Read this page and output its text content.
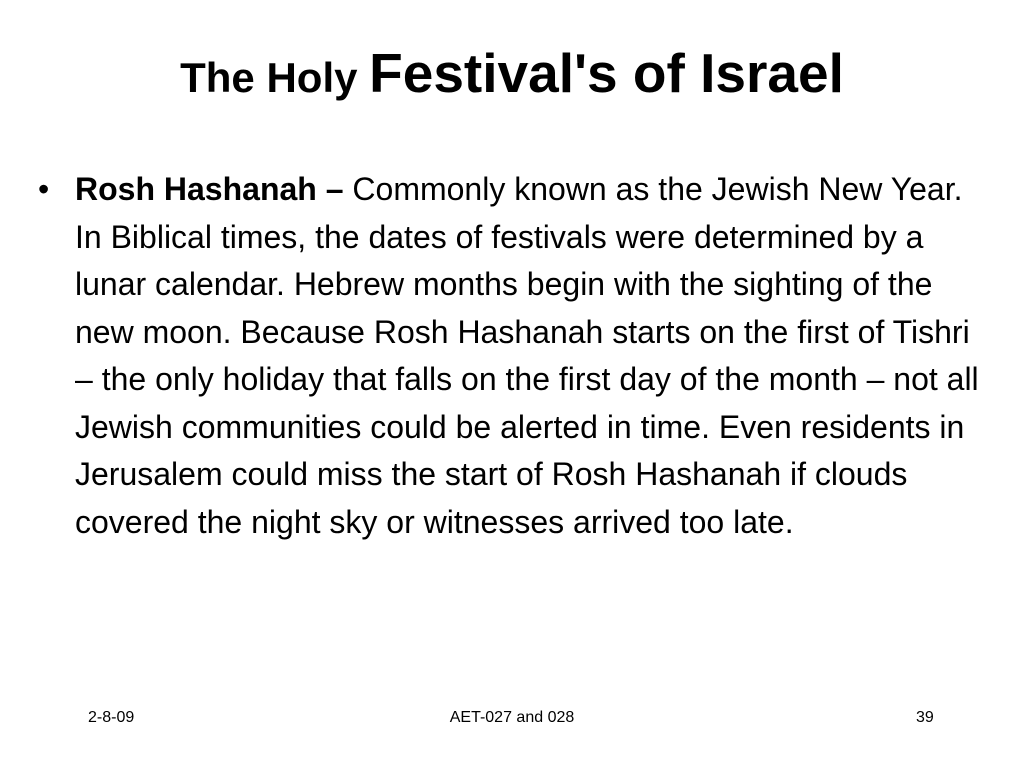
The Holy Festival's of Israel
• Rosh Hashanah – Commonly known as the Jewish New Year. In Biblical times, the dates of festivals were determined by a lunar calendar. Hebrew months begin with the sighting of the new moon. Because Rosh Hashanah starts on the first of Tishri – the only holiday that falls on the first day of the month – not all Jewish communities could be alerted in time. Even residents in Jerusalem could miss the start of Rosh Hashanah if clouds covered the night sky or witnesses arrived too late.
2-8-09	AET-027 and 028	39
